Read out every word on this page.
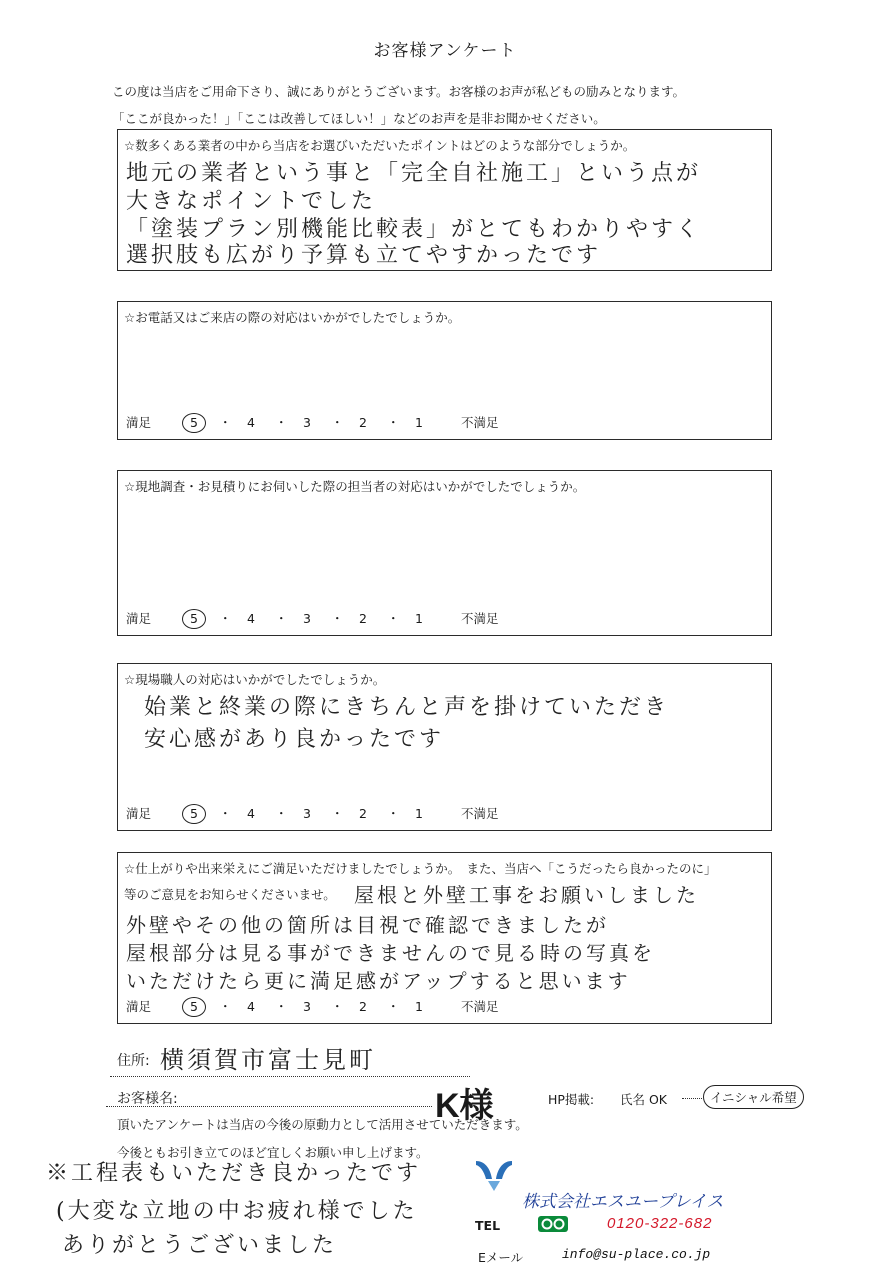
お客様アンケート
この度は当店をご用命下さり、誠にありがとうございます。お客様のお声が私どもの励みとなります。
「ここが良かった！」「ここは改善してほしい！」などのお声を是非お聞かせください。
☆数多くある業者の中から当店をお選びいただいたポイントはどのような部分でしょうか。
地元の業者という事と「完全自社施工」という点が
大きなポイントでした
「塗装プラン別機能比較表」がとてもわかりやすく
選択肢も広がり予算も立てやすかったです
☆お電話又はご来店の際の対応はいかがでしたでしょうか。
満足	5 ・ 4 ・ 3 ・ 2 ・ 1	不満足
☆現地調査・お見積りにお伺いした際の担当者の対応はいかがでしたでしょうか。
満足	5 ・ 4 ・ 3 ・ 2 ・ 1	不満足
☆現場職人の対応はいかがでしたでしょうか。
始業と終業の際にきちんと声を掛けていただき
安心感があり良かったです
満足	5 ・ 4 ・ 3 ・ 2 ・ 1	不満足
☆仕上がりや出来栄えにご満足いただけましたでしょうか。　また、当店へ「こうだったら良かったのに」
等のご意見をお知らせくださいませ。 屋根と外壁工事をお願いしました
外壁やその他の箇所は目視で確認できましたが
屋根部分は見る事ができませんので見る時の写真を
いただけたら更に満足感がアップすると思います
満足	5 ・ 4 ・ 3 ・ 2 ・ 1	不満足
住所: 横須賀市富士見町
お客様名:	K様	HP掲載: 氏名 OK	イニシャル希望
頂いたアンケートは当店の今後の原動力として活用させていただきます。
今後ともお引き立てのほど宜しくお願い申し上げます。
※工程表もいただき良かったです
(大変な立地の中お疲れ様でした
ありがとうございました
株式会社エスユープレイス
TEL	0120-322-682
Eメール	info@su-place.co.jp
